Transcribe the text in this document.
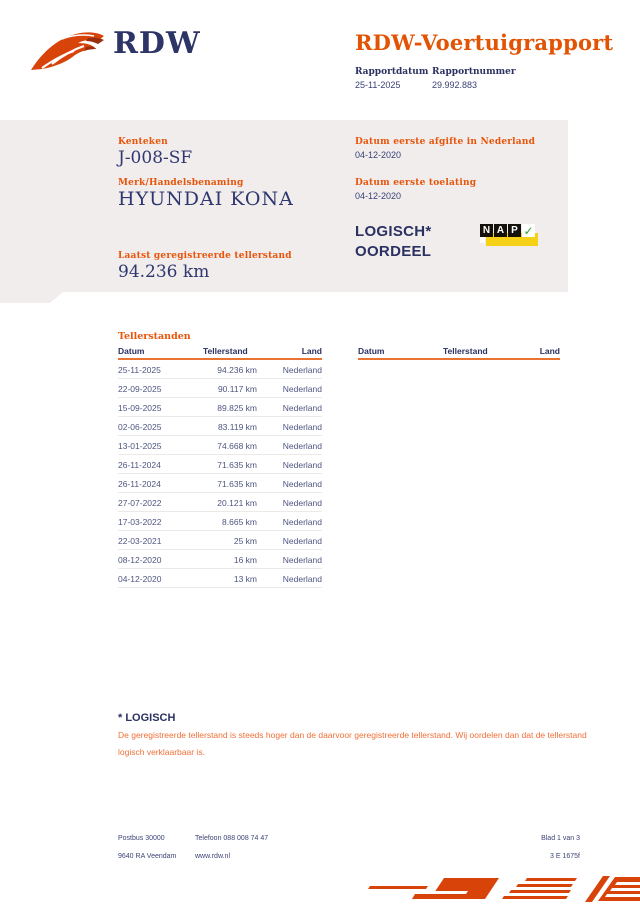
RDW	RDW-Voertuigrapport
Rapportdatum
25-11-2025
Rapportnummer
29.992.883
Kenteken
J-008-SF
Merk/Handelsbenaming
HYUNDAI KONA
Laatst geregistreerde tellerstand
94.236 km
Datum eerste afgifte in Nederland
04-12-2020
Datum eerste toelating
04-12-2020
LOGISCH*
OORDEEL
N A P ✓
Tellerstanden
Datum	Tellerstand	Land
25-11-2025	94.236 km	Nederland
22-09-2025	90.117 km	Nederland
15-09-2025	89.825 km	Nederland
02-06-2025	83.119 km	Nederland
13-01-2025	74.668 km	Nederland
26-11-2024	71.635 km	Nederland
26-11-2024	71.635 km	Nederland
27-07-2022	20.121 km	Nederland
17-03-2022	8.665 km	Nederland
22-03-2021	25 km	Nederland
08-12-2020	16 km	Nederland
04-12-2020	13 km	Nederland
Datum	Tellerstand	Land
* LOGISCH
De geregistreerde tellerstand is steeds hoger dan de daarvoor geregistreerde tellerstand. Wij oordelen dan dat de tellerstand logisch verklaarbaar is.
Postbus 30000
9640 RA Veendam
Telefoon 088 008 74 47
www.rdw.nl
Blad 1 van 3
3 E 1675f
